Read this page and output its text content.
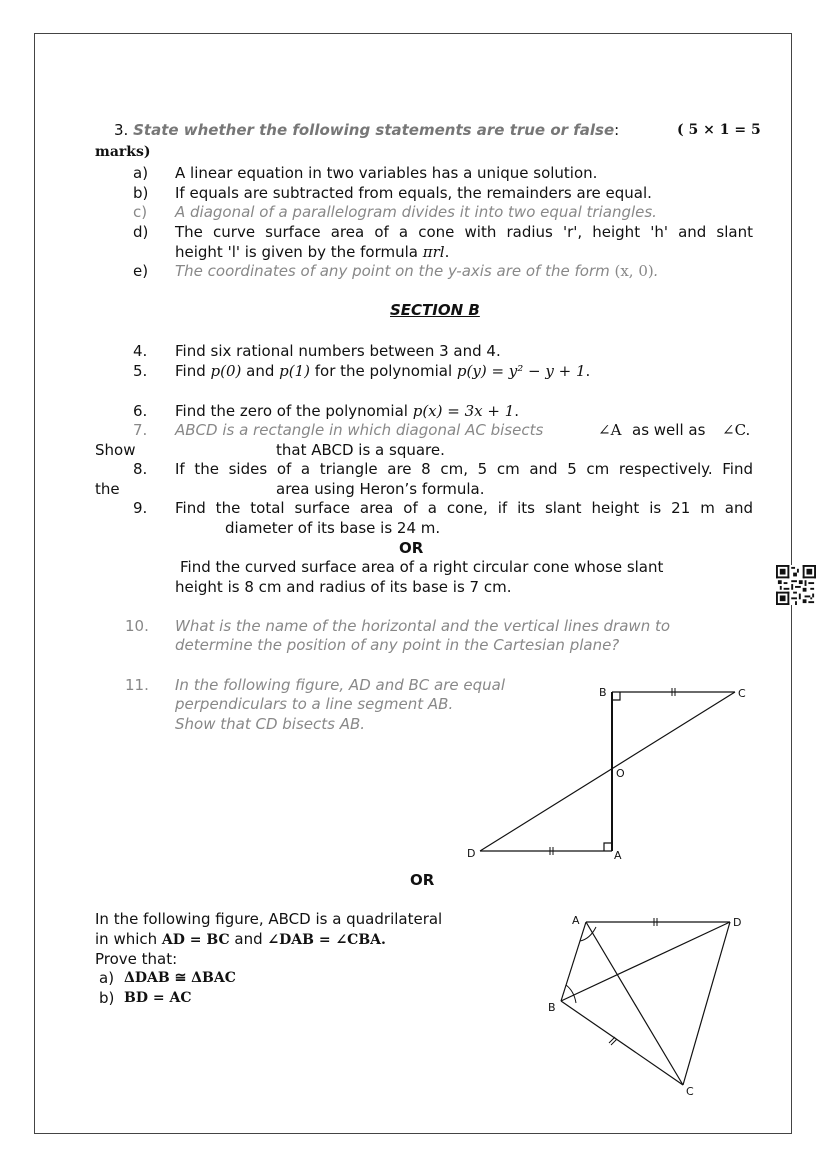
3. State whether the following statements are true or false:	( 5 × 1 = 5
marks)
a) A linear equation in two variables has a unique solution.
b) If equals are subtracted from equals, the remainders are equal.
c) A diagonal of a parallelogram divides it into two equal triangles.
d) The curve surface area of a cone with radius 'r', height 'h' and slant
height 'l' is given by the formula πrl.
e) The coordinates of any point on the y-axis are of the form (x, 0).
SECTION B
4. Find six rational numbers between 3 and 4.
5. Find p(0) and p(1) for the polynomial p(y) = y² − y + 1.
6. Find the zero of the polynomial p(x) = 3x + 1.
7. ABCD is a rectangle in which diagonal AC bisects	∠A as well as ∠C.
Show	that ABCD is a square.
8. If the sides of a triangle are 8 cm, 5 cm and 5 cm respectively. Find
the	area using Heron’s formula.
9. Find the total surface area of a cone, if its slant height is 21 m and
diameter of its base is 24 m.
OR
Find the curved surface area of a right circular cone whose slant
height is 8 cm and radius of its base is 7 cm.
10. What is the name of the horizontal and the vertical lines drawn to
determine the position of any point in the Cartesian plane?
11. In the following figure, AD and BC are equal
perpendiculars to a line segment AB.
Show that CD bisects AB.
B	C
O
D	A
OR
In the following figure, ABCD is a quadrilateral
in which AD = BC and ∠DAB = ∠CBA.
Prove that:
a) ΔDAB ≅ ΔBAC
b) BD = AC
A	D
B
C
